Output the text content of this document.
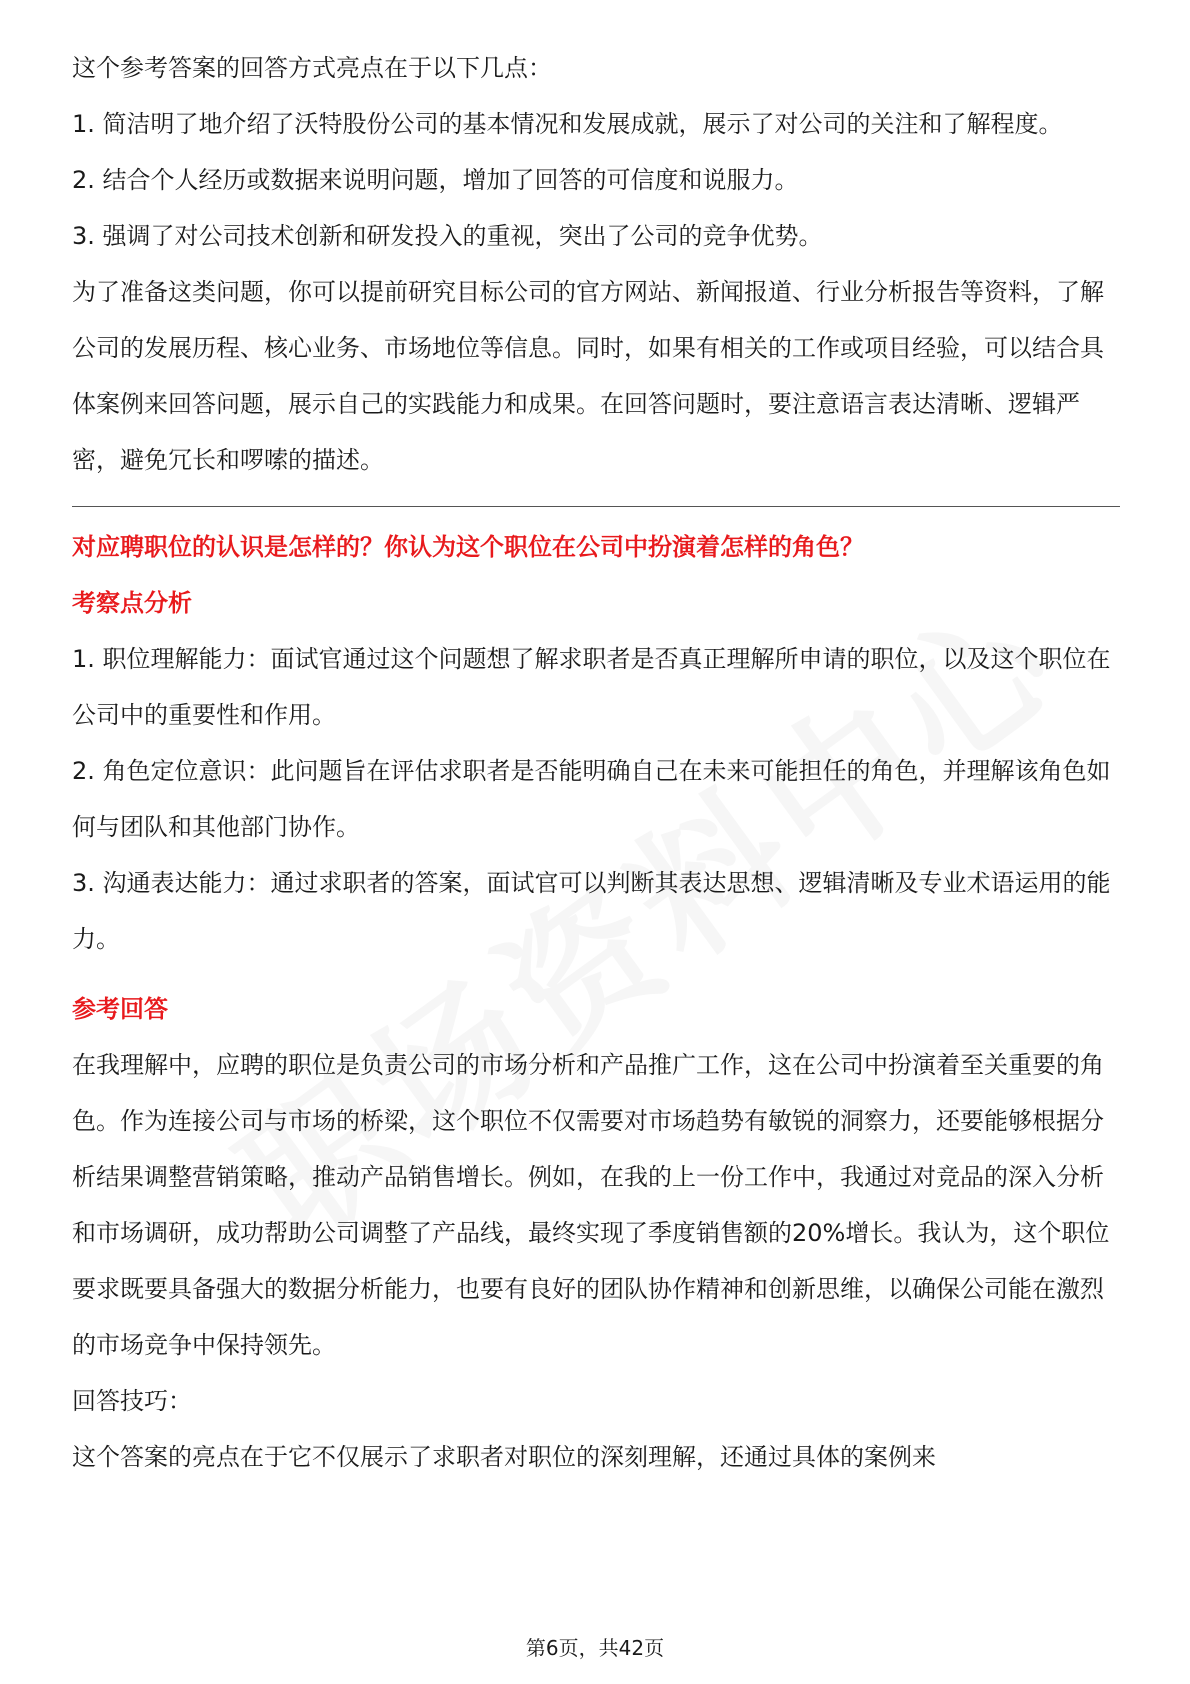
这个参考答案的回答方式亮点在于以下几点：

1. 简洁明了地介绍了沃特股份公司的基本情况和发展成就，展示了对公司的关注和了解程度。

2. 结合个人经历或数据来说明问题，增加了回答的可信度和说服力。

3. 强调了对公司技术创新和研发投入的重视，突出了公司的竞争优势。

为了准备这类问题，你可以提前研究目标公司的官方网站、新闻报道、行业分析报告等资料，了解公司的发展历程、核心业务、市场地位等信息。同时，如果有相关的工作或项目经验，可以结合具体案例来回答问题，展示自己的实践能力和成果。在回答问题时，要注意语言表达清晰、逻辑严密，避免冗长和啰嗦的描述。

对应聘职位的认识是怎样的？你认为这个职位在公司中扮演着怎样的角色？

考察点分析

1. 职位理解能力：面试官通过这个问题想了解求职者是否真正理解所申请的职位，以及这个职位在公司中的重要性和作用。

2. 角色定位意识：此问题旨在评估求职者是否能明确自己在未来可能担任的角色，并理解该角色如何与团队和其他部门协作。

3. 沟通表达能力：通过求职者的答案，面试官可以判断其表达思想、逻辑清晰及专业术语运用的能力。

参考回答

在我理解中，应聘的职位是负责公司的市场分析和产品推广工作，这在公司中扮演着至关重要的角色。作为连接公司与市场的桥梁，这个职位不仅需要对市场趋势有敏锐的洞察力，还要能够根据分析结果调整营销策略，推动产品销售增长。例如，在我的上一份工作中，我通过对竞品的深入分析和市场调研，成功帮助公司调整了产品线，最终实现了季度销售额的20%增长。我认为，这个职位要求既要具备强大的数据分析能力，也要有良好的团队协作精神和创新思维，以确保公司能在激烈的市场竞争中保持领先。

回答技巧：

这个答案的亮点在于它不仅展示了求职者对职位的深刻理解，还通过具体的案例来

第6页，共42页
